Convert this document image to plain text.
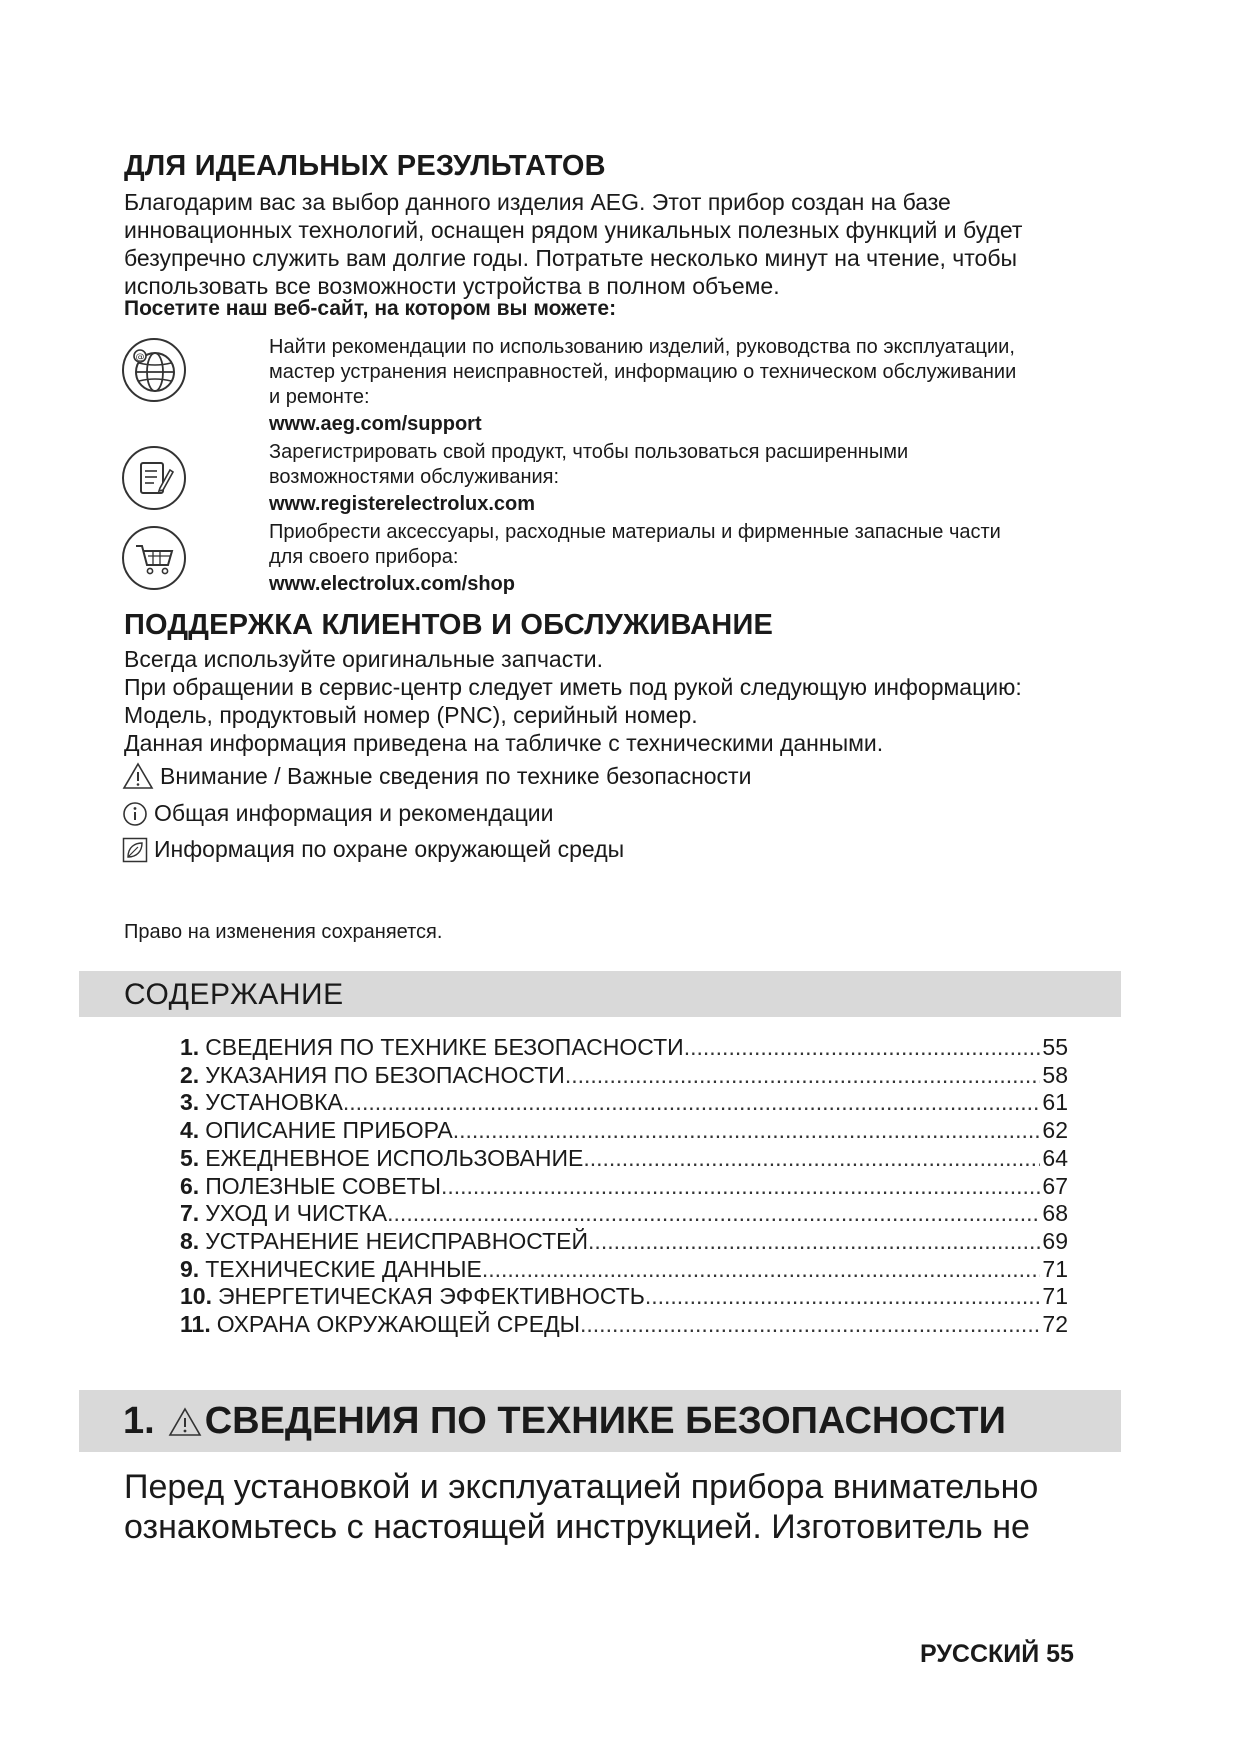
ДЛЯ ИДЕАЛЬНЫХ РЕЗУЛЬТАТОВ
Благодарим вас за выбор данного изделия AEG. Этот прибор создан на базе
инновационных технологий, оснащен рядом уникальных полезных функций и будет
безупречно служить вам долгие годы. Потратьте несколько минут на чтение, чтобы
использовать все возможности устройства в полном объеме.
Посетите наш веб-сайт, на котором вы можете:
@	Найти рекомендации по использованию изделий, руководства по эксплуатации,
мастер устранения неисправностей, информацию о техническом обслуживании
и ремонте:
www.aeg.com/support
Зарегистрировать свой продукт, чтобы пользоваться расширенными
возможностями обслуживания:
www.registerelectrolux.com
Приобрести аксессуары, расходные материалы и фирменные запасные части
для своего прибора:
www.electrolux.com/shop
ПОДДЕРЖКА КЛИЕНТОВ И ОБСЛУЖИВАНИЕ
Всегда используйте оригинальные запчасти.
При обращении в сервис-центр следует иметь под рукой следующую информацию:
Модель, продуктовый номер (PNC), серийный номер.
Данная информация приведена на табличке с техническими данными.
Внимание / Важные сведения по технике безопасности
Общая информация и рекомендации
Информация по охране окружающей среды
Право на изменения сохраняется.
СОДЕРЖАНИЕ
1. СВЕДЕНИЯ ПО ТЕХНИКЕ БЕЗОПАСНОСТИ .....	55
2. УКАЗАНИЯ ПО БЕЗОПАСНОСТИ .....	58
3. УСТАНОВКА .....	61
4. ОПИСАНИЕ ПРИБОРА .....	62
5. ЕЖЕДНЕВНОЕ ИСПОЛЬЗОВАНИЕ .....	64
6. ПОЛЕЗНЫЕ СОВЕТЫ .....	67
7. УХОД И ЧИСТКА .....	68
8. УСТРАНЕНИЕ НЕИСПРАВНОСТЕЙ .....	69
9. ТЕХНИЧЕСКИЕ ДАННЫЕ .....	71
10. ЭНЕРГЕТИЧЕСКАЯ ЭФФЕКТИВНОСТЬ .....	71
11. ОХРАНА ОКРУЖАЮЩЕЙ СРЕДЫ .....	72
1. СВЕДЕНИЯ ПО ТЕХНИКЕ БЕЗОПАСНОСТИ
Перед установкой и эксплуатацией прибора внимательно
ознакомьтесь с настоящей инструкцией. Изготовитель не
РУССКИЙ 55
